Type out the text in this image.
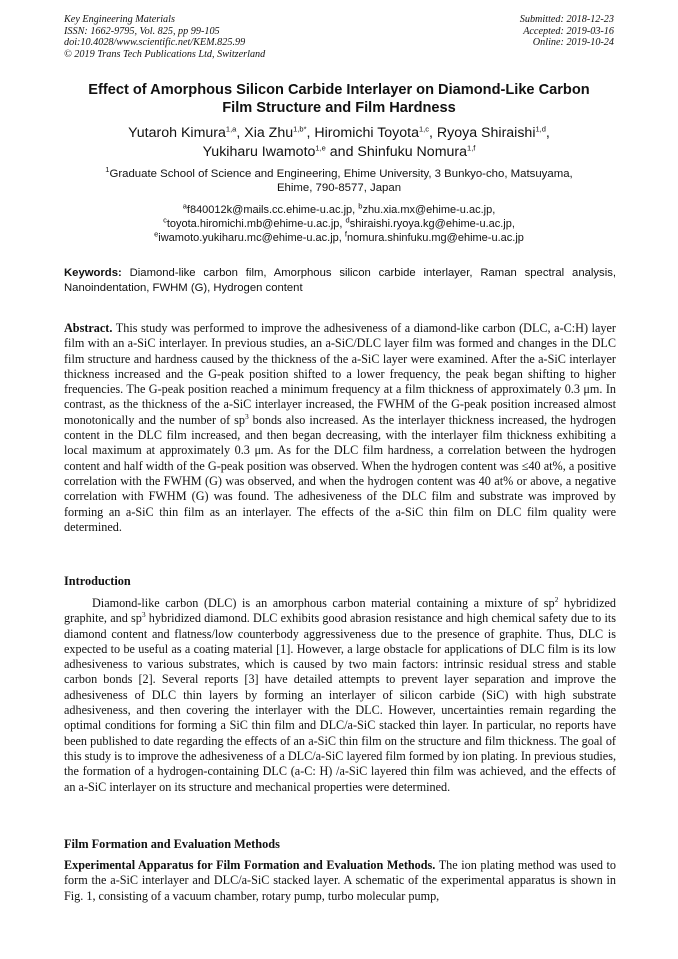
Key Engineering Materials
ISSN: 1662-9795, Vol. 825, pp 99-105
doi:10.4028/www.scientific.net/KEM.825.99
© 2019 Trans Tech Publications Ltd, Switzerland
Submitted: 2018-12-23
Accepted: 2019-03-16
Online: 2019-10-24
Effect of Amorphous Silicon Carbide Interlayer on Diamond-Like Carbon
Film Structure and Film Hardness
Yutaroh Kimura$^{1,a}$, Xia Zhu$^{1,b*}$, Hiromichi Toyota$^{1,c}$, Ryoya Shiraishi$^{1,d}$,
Yukiharu Iwamoto$^{1,e}$ and Shinfuku Nomura$^{1,f}$
$^1$Graduate School of Science and Engineering, Ehime University, 3 Bunkyo-cho, Matsuyama,
Ehime, 790-8577, Japan
$^a$f840012k@mails.cc.ehime-u.ac.jp, $^b$zhu.xia.mx@ehime-u.ac.jp,
$^c$toyota.hiromichi.mb@ehime-u.ac.jp, $^d$shiraishi.ryoya.kg@ehime-u.ac.jp,
$^e$iwamoto.yukiharu.mc@ehime-u.ac.jp, $^f$nomura.shinfuku.mg@ehime-u.ac.jp
Keywords: Diamond-like carbon film, Amorphous silicon carbide interlayer, Raman spectral analysis, Nanoindentation, FWHM (G), Hydrogen content
Abstract. This study was performed to improve the adhesiveness of a diamond-like carbon (DLC, a-C:H) layer film with an a-SiC interlayer. In previous studies, an a-SiC/DLC layer film was formed and changes in the DLC film structure and hardness caused by the thickness of the a-SiC layer were examined. After the a-SiC interlayer thickness increased and the G-peak position shifted to a lower frequency, the peak began shifting to higher frequencies. The G-peak position reached a minimum frequency at a film thickness of approximately 0.3 μm. In contrast, as the thickness of the a-SiC interlayer increased, the FWHM of the G-peak position increased almost monotonically and the number of $sp^3$ bonds also increased. As the interlayer thickness increased, the hydrogen content in the DLC film increased, and then began decreasing, with the interlayer film thickness exhibiting a local maximum at approximately 0.3 μm. As for the DLC film hardness, a correlation between the hydrogen content and half width of the G-peak position was observed. When the hydrogen content was ≤40 at%, a positive correlation with the FWHM (G) was observed, and when the hydrogen content was 40 at% or above, a negative correlation with FWHM (G) was found. The adhesiveness of the DLC film and substrate was improved by forming an a-SiC thin film as an interlayer. The effects of the a-SiC thin film on DLC film quality were determined.
Introduction
Diamond-like carbon (DLC) is an amorphous carbon material containing a mixture of $sp^2$ hybridized graphite, and $sp^3$ hybridized diamond. DLC exhibits good abrasion resistance and high chemical safety due to its diamond content and flatness/low counterbody aggressiveness due to the presence of graphite. Thus, DLC is expected to be useful as a coating material [1]. However, a large obstacle for applications of DLC film is its low adhesiveness to various substrates, which is caused by two main factors: intrinsic residual stress and stable carbon bonds [2]. Several reports [3] have detailed attempts to prevent layer separation and improve the adhesiveness of DLC thin layers by forming an interlayer of silicon carbide (SiC) with high substrate adhesiveness, and then covering the interlayer with the DLC. However, uncertainties remain regarding the optimal conditions for forming a SiC thin film and DLC/a-SiC stacked thin layer. In particular, no reports have been published to date regarding the effects of an a-SiC thin film on the structure and film thickness. The goal of this study is to improve the adhesiveness of a DLC/a-SiC layered film formed by ion plating. In previous studies, the formation of a hydrogen-containing DLC (a-C: H) /a-SiC layered thin film was achieved, and the effects of an a-SiC interlayer on its structure and mechanical properties were determined.
Film Formation and Evaluation Methods
Experimental Apparatus for Film Formation and Evaluation Methods. The ion plating method was used to form the a-SiC interlayer and DLC/a-SiC stacked layer. A schematic of the experimental apparatus is shown in Fig. 1, consisting of a vacuum chamber, rotary pump, turbo molecular pump,
